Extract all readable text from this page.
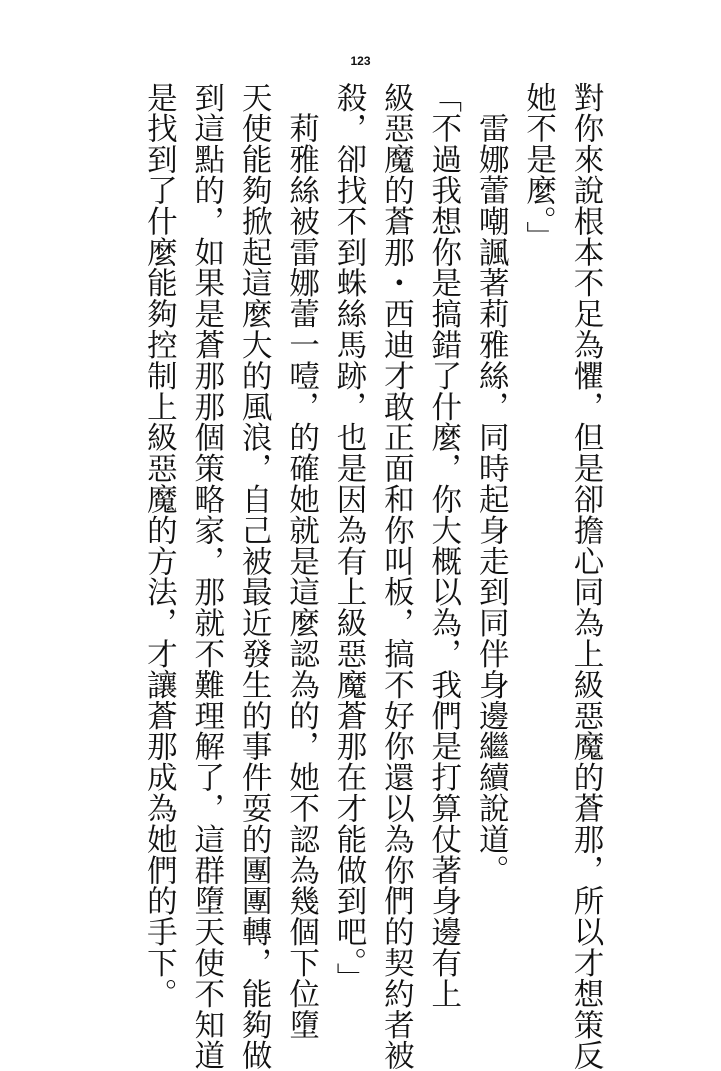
123
對你來說根本不足為懼，但是卻擔心同為上級惡魔的蒼那，所以才想策反
她不是麼。」
　雷娜蕾嘲諷著莉雅絲，同時起身走到同伴身邊繼續說道。
「不過我想你是搞錯了什麼，你大概以為，我們是打算仗著身邊有上
級惡魔的蒼那・西迪才敢正面和你叫板，搞不好你還以為你們的契約者被
殺，卻找不到蛛絲馬跡，也是因為有上級惡魔蒼那在才能做到吧。」
　莉雅絲被雷娜蕾一噎，的確她就是這麼認為的，她不認為幾個下位墮
天使能夠掀起這麼大的風浪，自己被最近發生的事件耍的團團轉，能夠做
到這點的，如果是蒼那那個策略家，那就不難理解了，這群墮天使不知道
是找到了什麼能夠控制上級惡魔的方法，才讓蒼那成為她們的手下。
